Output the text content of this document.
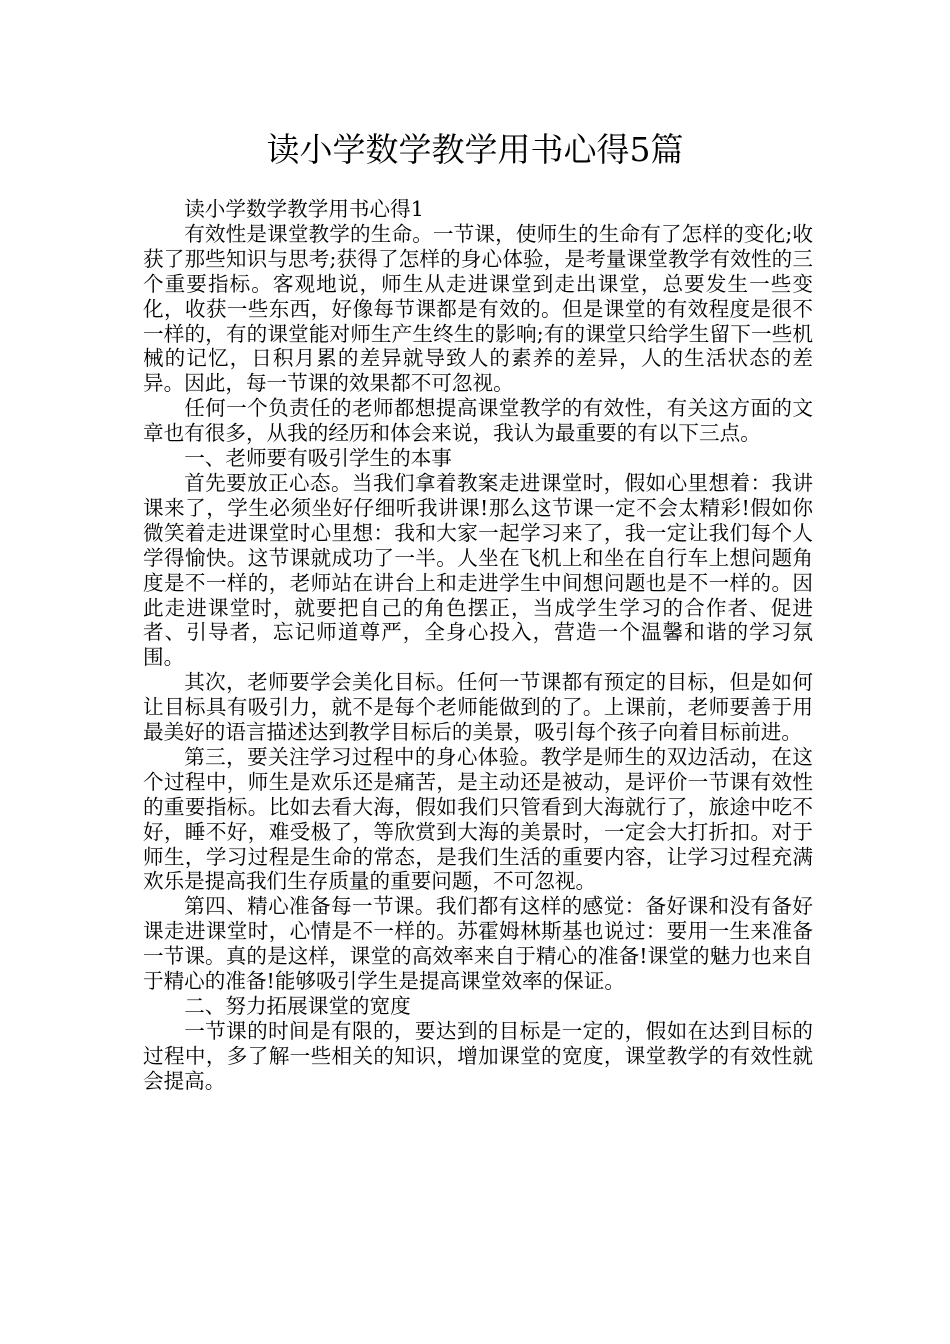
读小学数学教学用书心得5篇

读小学数学教学用书心得1

有效性是课堂教学的生命。一节课，使师生的生命有了怎样的变化;收获了那些知识与思考;获得了怎样的身心体验，是考量课堂教学有效性的三个重要指标。客观地说，师生从走进课堂到走出课堂，总要发生一些变化，收获一些东西，好像每节课都是有效的。但是课堂的有效程度是很不一样的，有的课堂能对师生产生终生的影响;有的课堂只给学生留下一些机械的记忆，日积月累的差异就导致人的素养的差异，人的生活状态的差异。因此，每一节课的效果都不可忽视。

任何一个负责任的老师都想提高课堂教学的有效性，有关这方面的文章也有很多，从我的经历和体会来说，我认为最重要的有以下三点。

一、老师要有吸引学生的本事

首先要放正心态。当我们拿着教案走进课堂时，假如心里想着：我讲课来了，学生必须坐好仔细听我讲课!那么这节课一定不会太精彩!假如你微笑着走进课堂时心里想：我和大家一起学习来了，我一定让我们每个人学得愉快。这节课就成功了一半。人坐在飞机上和坐在自行车上想问题角度是不一样的，老师站在讲台上和走进学生中间想问题也是不一样的。因此走进课堂时，就要把自己的角色摆正，当成学生学习的合作者、促进者、引导者，忘记师道尊严，全身心投入，营造一个温馨和谐的学习氛围。

其次，老师要学会美化目标。任何一节课都有预定的目标，但是如何让目标具有吸引力，就不是每个老师能做到的了。上课前，老师要善于用最美好的语言描述达到教学目标后的美景，吸引每个孩子向着目标前进。

第三，要关注学习过程中的身心体验。教学是师生的双边活动，在这个过程中，师生是欢乐还是痛苦，是主动还是被动，是评价一节课有效性的重要指标。比如去看大海，假如我们只管看到大海就行了，旅途中吃不好，睡不好，难受极了，等欣赏到大海的美景时，一定会大打折扣。对于师生，学习过程是生命的常态，是我们生活的重要内容，让学习过程充满欢乐是提高我们生存质量的重要问题，不可忽视。

第四、精心准备每一节课。我们都有这样的感觉：备好课和没有备好课走进课堂时，心情是不一样的。苏霍姆林斯基也说过：要用一生来准备一节课。真的是这样，课堂的高效率来自于精心的准备!课堂的魅力也来自于精心的准备!能够吸引学生是提高课堂效率的保证。

二、努力拓展课堂的宽度

一节课的时间是有限的，要达到的目标是一定的，假如在达到目标的过程中，多了解一些相关的知识，增加课堂的宽度，课堂教学的有效性就会提高。
